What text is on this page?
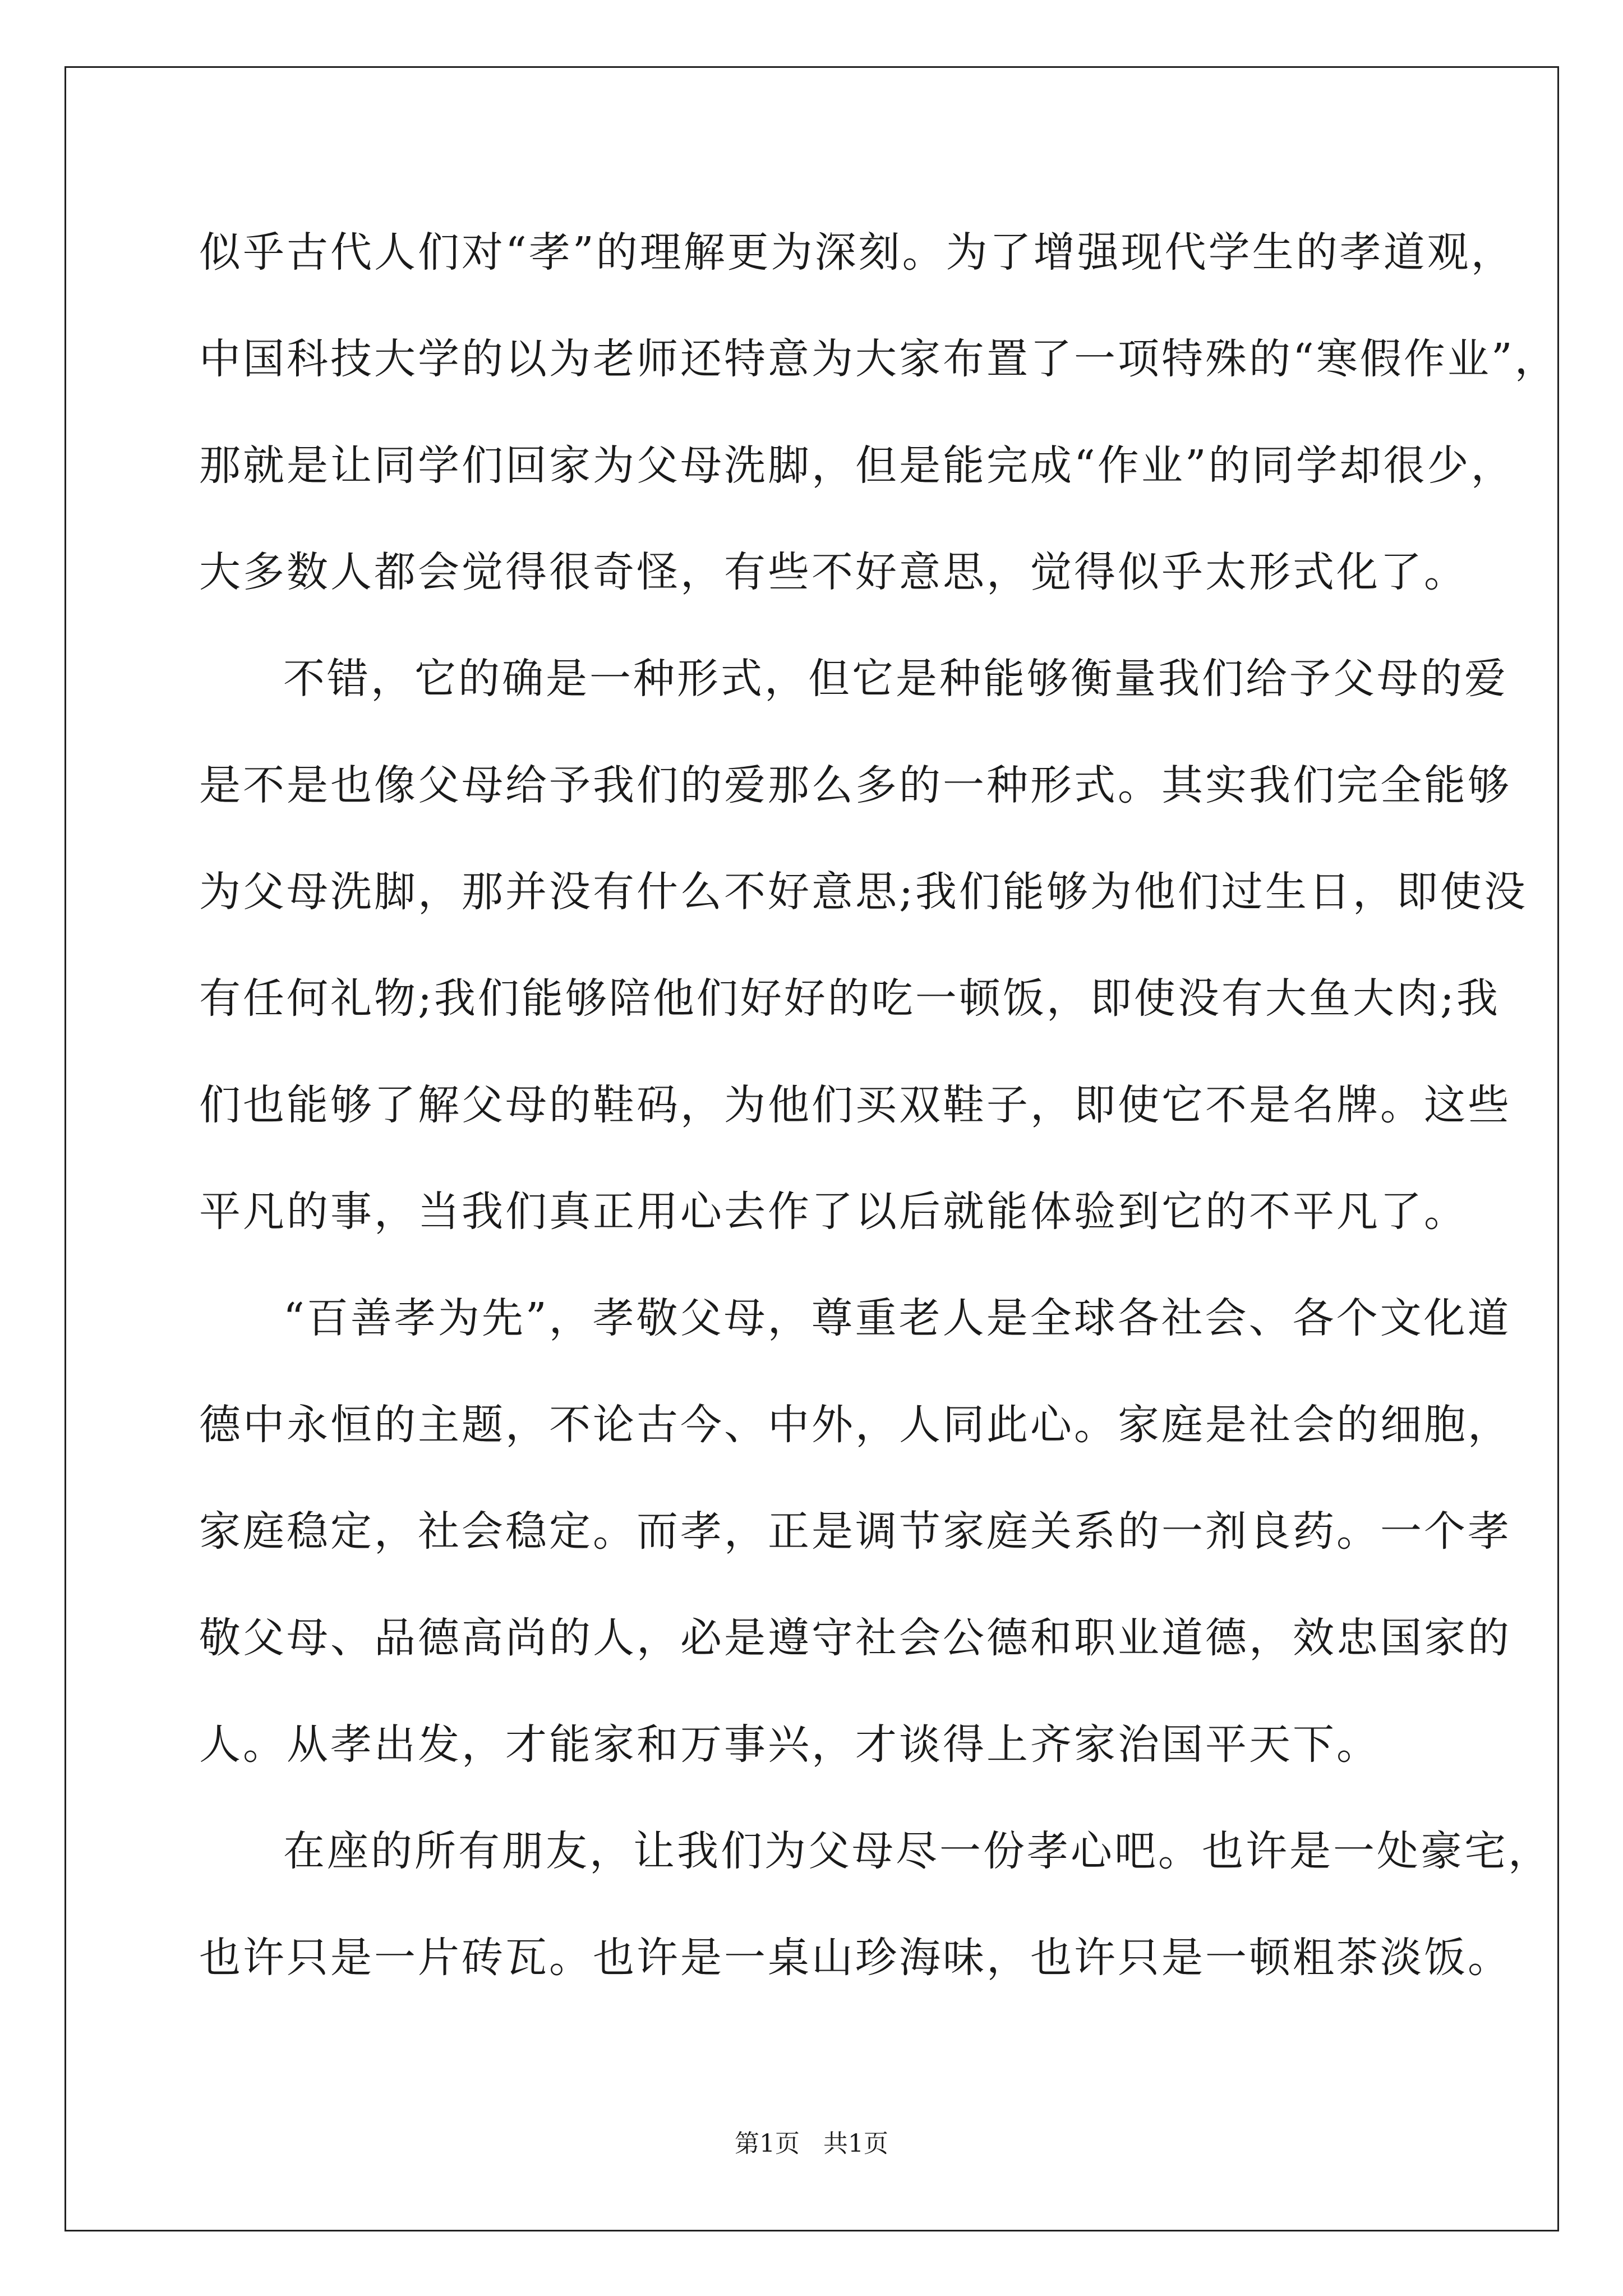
似乎古代人们对“孝”的理解更为深刻。为了增强现代学生的孝道观，
中国科技大学的以为老师还特意为大家布置了一项特殊的“寒假作业”，
那就是让同学们回家为父母洗脚，但是能完成“作业”的同学却很少，
大多数人都会觉得很奇怪，有些不好意思，觉得似乎太形式化了。
不错，它的确是一种形式，但它是种能够衡量我们给予父母的爱
是不是也像父母给予我们的爱那么多的一种形式。其实我们完全能够
为父母洗脚，那并没有什么不好意思;我们能够为他们过生日，即使没
有任何礼物;我们能够陪他们好好的吃一顿饭，即使没有大鱼大肉;我
们也能够了解父母的鞋码，为他们买双鞋子，即使它不是名牌。这些
平凡的事，当我们真正用心去作了以后就能体验到它的不平凡了。
“百善孝为先”，孝敬父母，尊重老人是全球各社会、各个文化道
德中永恒的主题，不论古今、中外，人同此心。家庭是社会的细胞，
家庭稳定，社会稳定。而孝，正是调节家庭关系的一剂良药。一个孝
敬父母、品德高尚的人，必是遵守社会公德和职业道德，效忠国家的
人。从孝出发，才能家和万事兴，才谈得上齐家治国平天下。
在座的所有朋友，让我们为父母尽一份孝心吧。也许是一处豪宅，
也许只是一片砖瓦。也许是一桌山珍海味，也许只是一顿粗茶淡饭。
第1页   共1页
